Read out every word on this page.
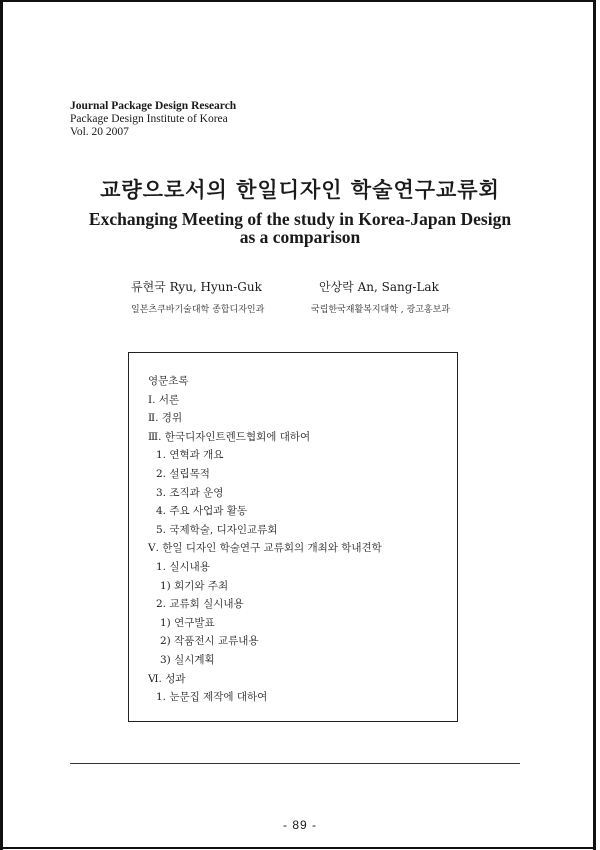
Journal Package Design Research
Package Design Institute of Korea
Vol. 20 2007
교량으로서의 한일디자인 학술연구교류회
Exchanging Meeting of the study in Korea-Japan Design
as a comparison
류현국 Ryu, Hyun-Guk
일본츠쿠바기술대학 종합디자인과
안상락 An, Sang-Lak
국립한국재활복지대학 , 광고홍보과
영문초록
Ⅰ. 서론
Ⅱ. 경위
Ⅲ. 한국디자인트렌드협회에 대하여
1. 연혁과 개요
2. 설립목적
3. 조직과 운영
4. 주요 사업과 활동
5. 국제학술, 디자인교류회
Ⅴ. 한일 디자인 학술연구 교류회의 개최와 학내견학
1. 실시내용
1) 회기와 주최
2. 교류회 실시내용
1) 연구발표
2) 작품전시 교류내용
3) 실시계획
Ⅵ. 성과
1. 눈문집 제작에 대하여
- 89 -
